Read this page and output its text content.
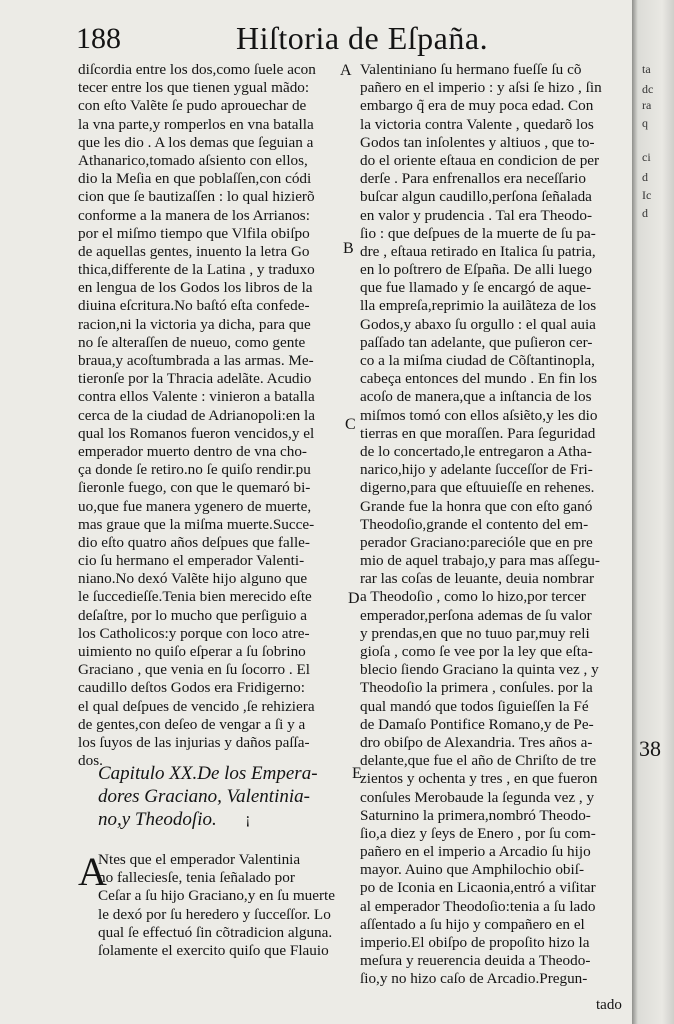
188	Hiſtoria de Eſpaña.
diſcordia entre los dos,como ſuele acon
tecer entre los que tienen ygual mãdo:
con eſto Valẽte ſe pudo aprouechar de
la vna parte,y romperlos en vna batalla
que les dio . A los demas que ſeguian a
Athanarico,tomado aſsiento con ellos,
dio la Meſia en que poblaſſen,con códi
cion que ſe bautizaſſen : lo qual hizierõ
conforme a la manera de los Arrianos:
por el miſmo tiempo que Vlfila obiſpo
de aquellas gentes, inuento la letra Go
thica,differente de la Latina , y traduxo
en lengua de los Godos los libros de la
diuina eſcritura.No baſtó eſta confede-
racion,ni la victoria ya dicha, para que
no ſe alteraſſen de nueuo, como gente
braua,y acoſtumbrada a las armas. Me-
tieronſe por la Thracia adelãte. Acudio
contra ellos Valente : vinieron a batalla
cerca de la ciudad de Adrianopoli:en la
qual los Romanos fueron vencidos,y el
emperador muerto dentro de vna cho-
ça donde ſe retiro.no ſe quiſo rendir.pu
ſieronle fuego, con que le quemaró bi-
uo,que fue manera ygenero de muerte,
mas graue que la miſma muerte.Succe-
dio eſto quatro años deſpues que falle-
cio ſu hermano el emperador Valenti-
niano.No dexó Valẽte hijo alguno que
le ſuccedieſſe.Tenia bien merecido eſte
deſaſtre, por lo mucho que perſiguio a
los Catholicos:y porque con loco atre-
uimiento no quiſo eſperar a ſu ſobrino
Graciano , que venia en ſu ſocorro . El
caudillo deſtos Godos era Fridigerno:
el qual deſpues de vencido ,ſe rehiziera
de gentes,con deſeo de vengar a ſi y a
los ſuyos de las injurias y daños paſſa-
dos.
Capitulo XX.De los Empera-
dores Graciano, Valentinia-
no,y Theodoſio.	¡
A
Ntes que el emperador Valentinia
no falleciesſe, tenia ſeñalado por
Ceſar a ſu hijo Graciano,y en ſu muerte
le dexó por ſu heredero y ſucceſſor. Lo
qual ſe effectuó ſin cõtradicion alguna.
ſolamente el exercito quiſo que Flauio
Valentiniano ſu hermano fueſſe ſu cõ
pañero en el imperio : y aſsi ſe hizo , ſin
embargo q̃ era de muy poca edad. Con
la victoria contra Valente , quedarõ los
Godos tan inſolentes y altiuos , que to-
do el oriente eſtaua en condicion de per
derſe . Para enfrenallos era neceſſario
buſcar algun caudillo,perſona ſeñalada
en valor y prudencia . Tal era Theodo-
ſio : que deſpues de la muerte de ſu pa-
dre , eſtaua retirado en Italica ſu patria,
en lo poſtrero de Eſpaña. De alli luego
que fue llamado y ſe encargó de aque-
lla empreſa,reprimio la auilãteza de los
Godos,y abaxo ſu orgullo : el qual auia
paſſado tan adelante, que puſieron cer-
co a la miſma ciudad de Cõſtantinopla,
cabeça entonces del mundo . En fin los
acoſo de manera,que a inſtancia de los
miſmos tomó con ellos aſsiẽto,y les dio
tierras en que moraſſen. Para ſeguridad
de lo concertado,le entregaron a Atha-
narico,hijo y adelante ſucceſſor de Fri-
digerno,para que eſtuuieſſe en rehenes.
Grande fue la honra que con eſto ganó
Theodoſio,grande el contento del em-
perador Graciano:parecióle que en pre
mio de aquel trabajo,y para mas aſſegu-
rar las coſas de leuante, deuia nombrar
a Theodoſio , como lo hizo,por tercer
emperador,perſona ademas de ſu valor
y prendas,en que no tuuo par,muy reli
gioſa , como ſe vee por la ley que eſta-
blecio ſiendo Graciano la quinta vez , y
Theodoſio la primera , conſules. por la
qual mandó que todos ſiguieſſen la Fé
de Damaſo Pontifice Romano,y de Pe-
dro obiſpo de Alexandria. Tres años a-
delante,que fue el año de Chriſto de tre
zientos y ochenta y tres , en que fueron
conſules Merobaude la ſegunda vez , y
Saturnino la primera,nombró Theodo-
ſio,a diez y ſeys de Enero , por ſu com-
pañero en el imperio a Arcadio ſu hijo
mayor. Auino que Amphilochio obiſ-
po de Iconia en Licaonia,entró a viſitar
al emperador Theodoſio:tenia a ſu lado
aſſentado a ſu hijo y compañero en el
imperio.El obiſpo de propoſito hizo la
meſura y reuerencia deuida a Theodo-
ſio,y no hizo caſo de Arcadio.Pregun-
A
B
C
D
E
tado
ta
dc
ra
q
ci
d
Ic
d
38
